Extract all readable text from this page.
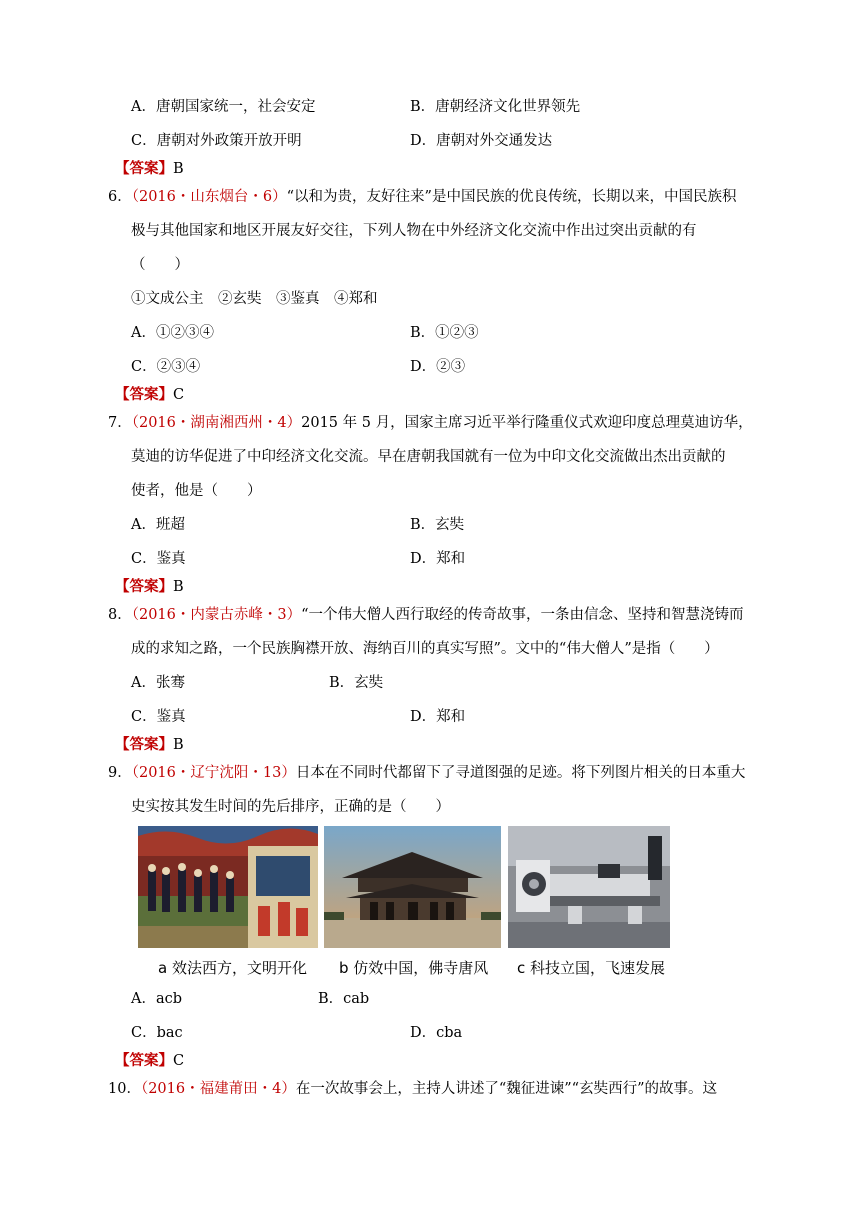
A．唐朝国家统一，社会安定	B．唐朝经济文化世界领先
C．唐朝对外政策开放开明	D．唐朝对外交通发达
【答案】B
6．（2016・山东烟台・6）“以和为贵，友好往来”是中国民族的优良传统，长期以来，中国民族积
极与其他国家和地区开展友好交往，下列人物在中外经济文化交流中作出过突出贡献的有
（　　）
①文成公主　②玄奘　③鉴真　④郑和
A．①②③④	B．①②③
C．②③④	D．②③
【答案】C
7．（2016・湖南湘西州・4）2015 年 5 月，国家主席习近平举行隆重仪式欢迎印度总理莫迪访华，
莫迪的访华促进了中印经济文化交流。早在唐朝我国就有一位为中印文化交流做出杰出贡献的
使者，他是（　　）
A．班超	B．玄奘
C．鉴真	D．郑和
【答案】B
8．（2016・内蒙古赤峰・3）“一个伟大僧人西行取经的传奇故事，一条由信念、坚持和智慧浇铸而
成的求知之路，一个民族胸襟开放、海纳百川的真实写照”。文中的“伟大僧人”是指（　　）
A．张骞	B．玄奘
C．鉴真	D．郑和
【答案】B
9．（2016・辽宁沈阳・13）日本在不同时代都留下了寻道图强的足迹。将下列图片相关的日本重大
史实按其发生时间的先后排序，正确的是（　　）
a 效法西方，文明开化 b 仿效中国，佛寺唐风 c 科技立国，飞速发展
A．acb	B．cab
C．bac	D．cba
【答案】C
10．（2016・福建莆田・4）在一次故事会上，主持人讲述了“魏征进谏”“玄奘西行”的故事。这
